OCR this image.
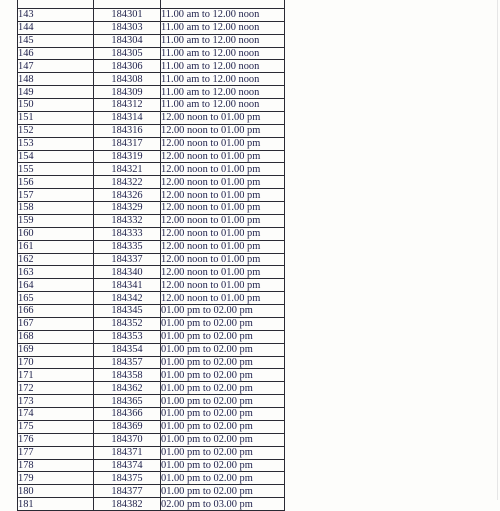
143	184301	11.00 am to 12.00 noon
144	184303	11.00 am to 12.00 noon
145	184304	11.00 am to 12.00 noon
146	184305	11.00 am to 12.00 noon
147	184306	11.00 am to 12.00 noon
148	184308	11.00 am to 12.00 noon
149	184309	11.00 am to 12.00 noon
150	184312	11.00 am to 12.00 noon
151	184314	12.00 noon to 01.00 pm
152	184316	12.00 noon to 01.00 pm
153	184317	12.00 noon to 01.00 pm
154	184319	12.00 noon to 01.00 pm
155	184321	12.00 noon to 01.00 pm
156	184322	12.00 noon to 01.00 pm
157	184326	12.00 noon to 01.00 pm
158	184329	12.00 noon to 01.00 pm
159	184332	12.00 noon to 01.00 pm
160	184333	12.00 noon to 01.00 pm
161	184335	12.00 noon to 01.00 pm
162	184337	12.00 noon to 01.00 pm
163	184340	12.00 noon to 01.00 pm
164	184341	12.00 noon to 01.00 pm
165	184342	12.00 noon to 01.00 pm
166	184345	01.00 pm to 02.00 pm
167	184352	01.00 pm to 02.00 pm
168	184353	01.00 pm to 02.00 pm
169	184354	01.00 pm to 02.00 pm
170	184357	01.00 pm to 02.00 pm
171	184358	01.00 pm to 02.00 pm
172	184362	01.00 pm to 02.00 pm
173	184365	01.00 pm to 02.00 pm
174	184366	01.00 pm to 02.00 pm
175	184369	01.00 pm to 02.00 pm
176	184370	01.00 pm to 02.00 pm
177	184371	01.00 pm to 02.00 pm
178	184374	01.00 pm to 02.00 pm
179	184375	01.00 pm to 02.00 pm
180	184377	01.00 pm to 02.00 pm
181	184382	02.00 pm to 03.00 pm
